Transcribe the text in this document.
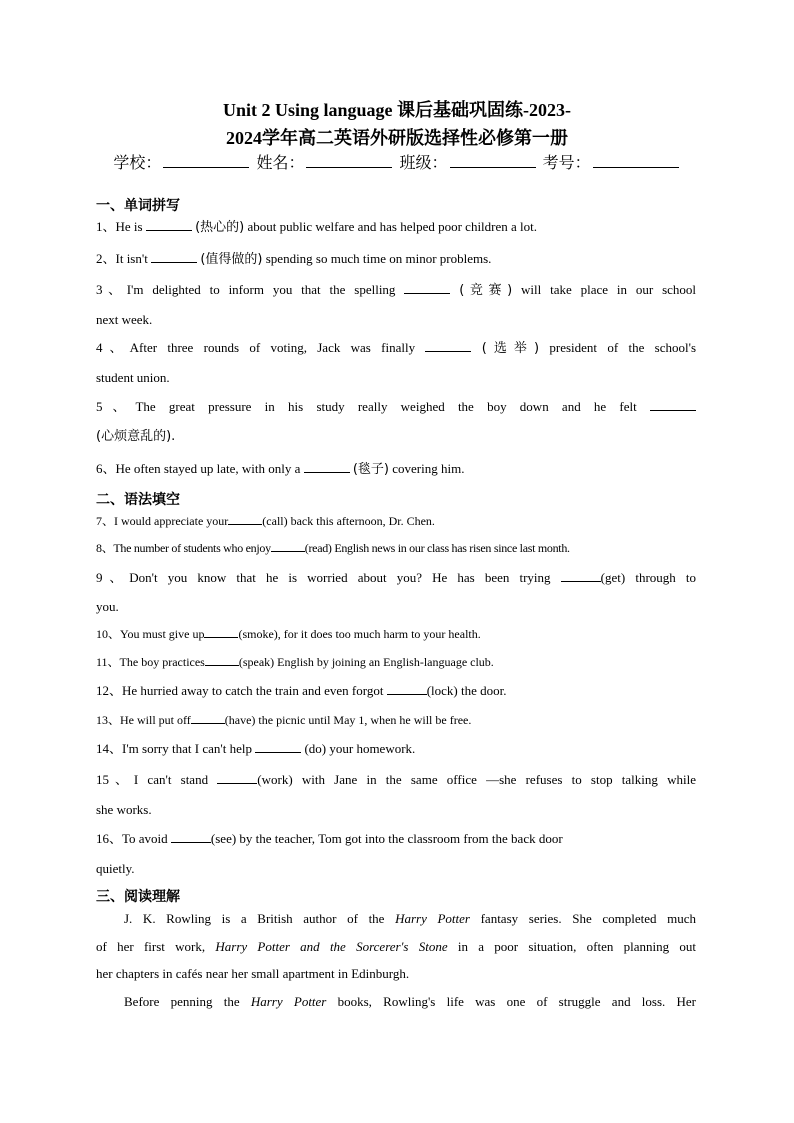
Unit 2 Using language 课后基础巩固练-2023-
2024学年高二英语外研版选择性必修第一册
学校：	姓名：	班级：	考号：
一、单词拼写
1、He is	(热心的) about public welfare and has helped poor children a lot.
2、It isn't	(值得做的) spending so much time on minor problems.
3、I'm delighted to inform you that the spelling	(竞赛) will take place in our school
next week.
4、After three rounds of voting, Jack was finally	(选举) president of the school's
student union.
5、The great pressure in his study really weighed the boy down and he felt
(心烦意乱的).
6、He often stayed up late, with only a	(毯子) covering him.
二、语法填空
7、I would appreciate your	(call) back this afternoon, Dr. Chen.
8、The number of students who enjoy	(read) English news in our class has risen since last month.
9、Don't you know that he is worried about you? He has been trying	(get) through to
you.
10、You must give up	(smoke), for it does too much harm to your health.
11、The boy practices	(speak) English by joining an English-language club.
12、He hurried away to catch the train and even forgot	(lock) the door.
13、He will put off	(have) the picnic until May 1, when he will be free.
14、I'm sorry that I can't help	(do) your homework.
15、I can't stand	(work) with Jane in the same office —she refuses to stop talking while
she works.
16、To avoid	(see) by the teacher, Tom got into the classroom from the back door
quietly.
三、阅读理解
J. K. Rowling is a British author of the Harry Potter fantasy series. She completed much
of her first work, Harry Potter and the Sorcerer's Stone in a poor situation, often planning out
her chapters in cafés near her small apartment in Edinburgh.
Before penning the Harry Potter books, Rowling's life was one of struggle and loss. Her
